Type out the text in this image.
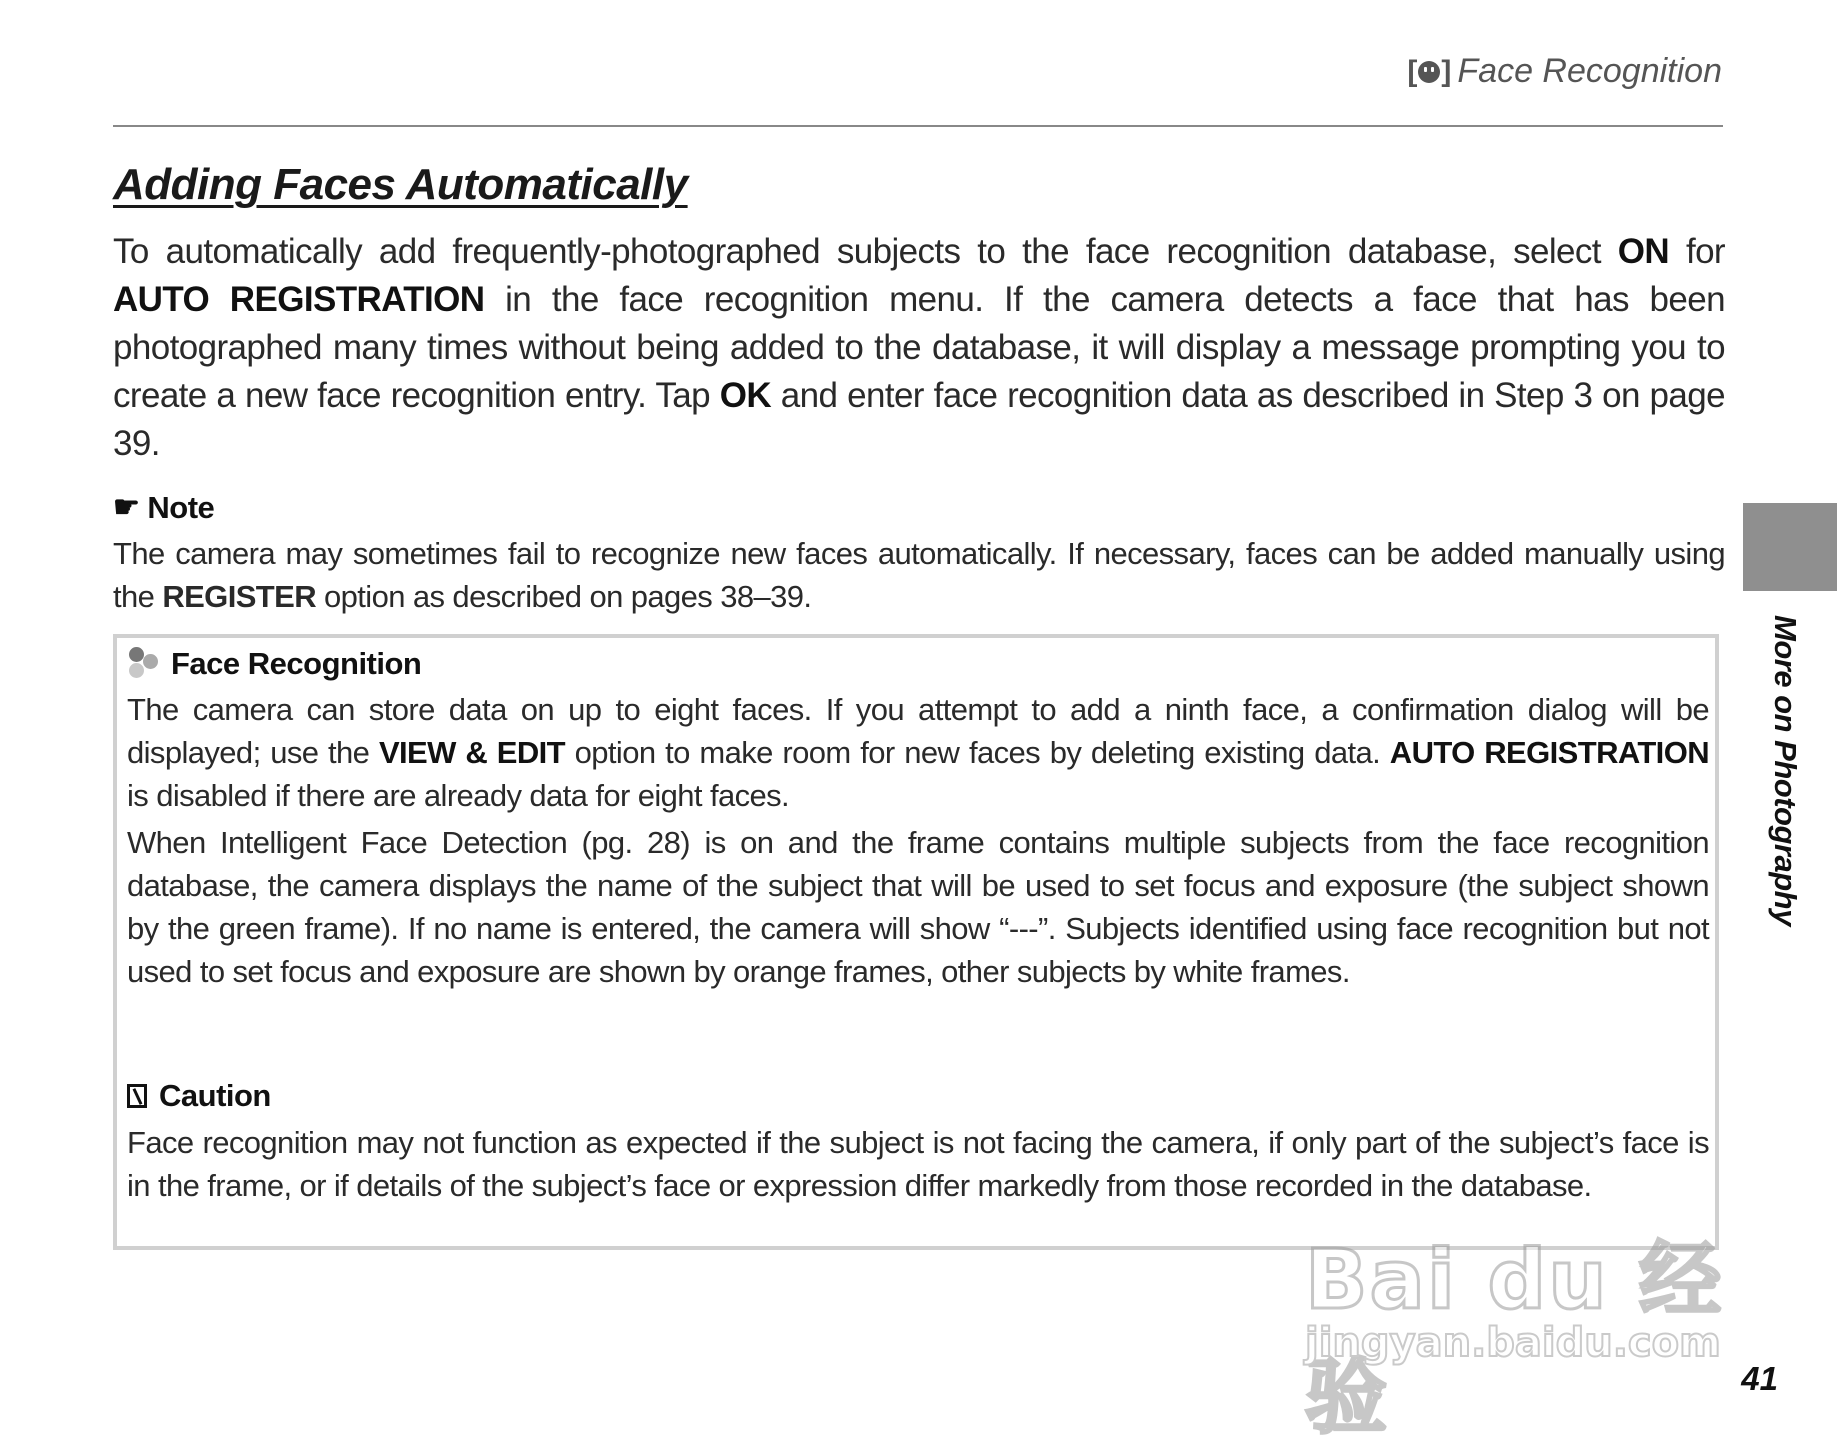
[ ] Face Recognition
Adding Faces Automatically
To automatically add frequently-photographed subjects to the face recognition database, select ON for AUTO REGISTRATION in the face recognition menu. If the camera detects a face that has been photographed many times without being added to the database, it will display a message prompting you to create a new face recognition entry. Tap OK and enter face recognition data as described in Step 3 on page 39.
☛ Note
The camera may sometimes fail to recognize new faces automatically. If necessary, faces can be added manually using the REGISTER option as described on pages 38–39.
Face Recognition
The camera can store data on up to eight faces. If you attempt to add a ninth face, a confirmation dialog will be displayed; use the VIEW & EDIT option to make room for new faces by deleting existing data. AUTO REGISTRATION is disabled if there are already data for eight faces.
When Intelligent Face Detection (pg. 28) is on and the frame contains multiple subjects from the face recognition database, the camera displays the name of the subject that will be used to set focus and exposure (the subject shown by the green frame). If no name is entered, the camera will show “---”. Subjects identified using face recognition but not used to set focus and exposure are shown by orange frames, other subjects by white frames.
Caution
Face recognition may not function as expected if the subject is not facing the camera, if only part of the subject’s face is in the frame, or if details of the subject’s face or expression differ markedly from those recorded in the database.
More on Photography
Bai du 经验
jingyan.baidu.com
41
